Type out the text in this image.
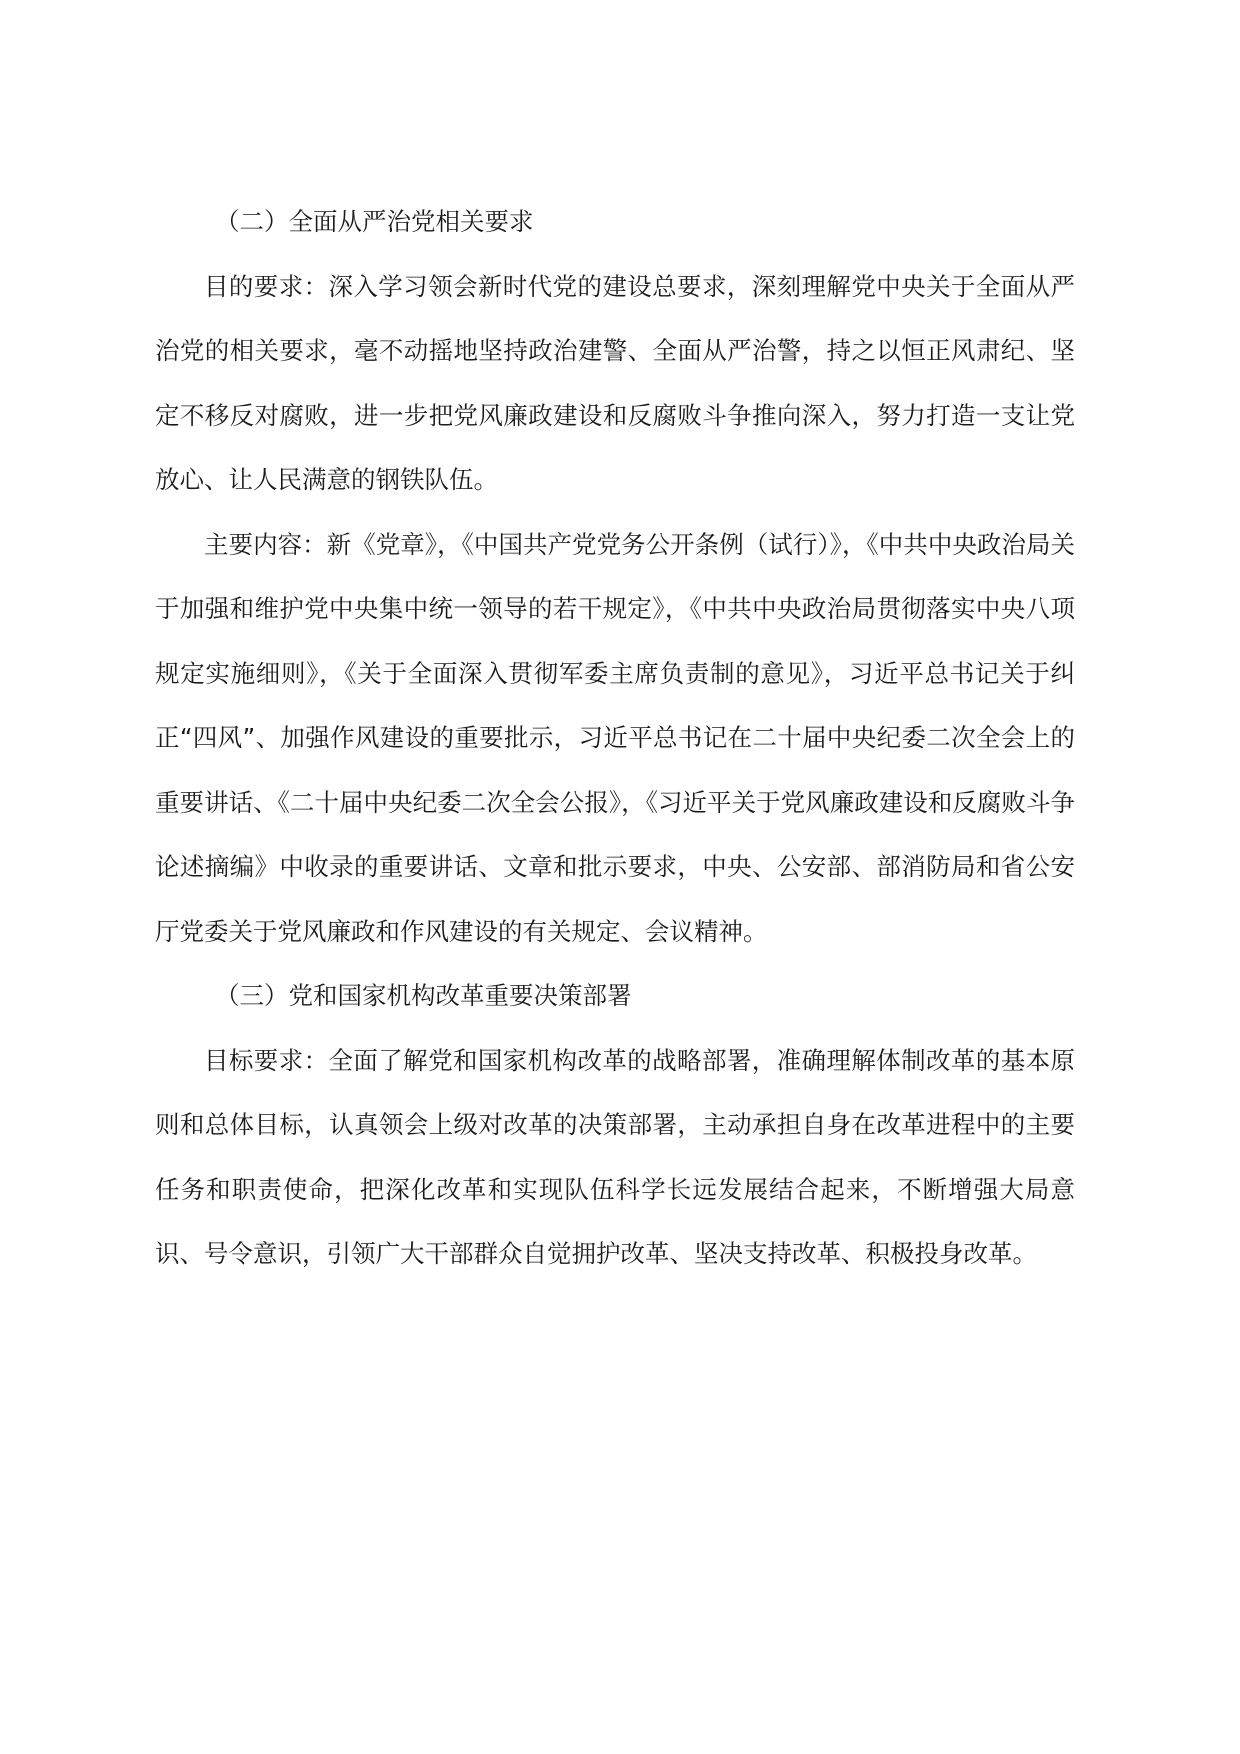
（二）全面从严治党相关要求

目的要求：深入学习领会新时代党的建设总要求，深刻理解党中央关于全面从严治党的相关要求，毫不动摇地坚持政治建警、全面从严治警，持之以恒正风肃纪、坚定不移反对腐败，进一步把党风廉政建设和反腐败斗争推向深入，努力打造一支让党放心、让人民满意的钢铁队伍。

主要内容：新《党章》，《中国共产党党务公开条例（试行）》，《中共中央政治局关于加强和维护党中央集中统一领导的若干规定》，《中共中央政治局贯彻落实中央八项规定实施细则》，《关于全面深入贯彻军委主席负责制的意见》，习近平总书记关于纠正“四风”、加强作风建设的重要批示，习近平总书记在二十届中央纪委二次全会上的重要讲话、《二十届中央纪委二次全会公报》，《习近平关于党风廉政建设和反腐败斗争论述摘编》中收录的重要讲话、文章和批示要求，中央、公安部、部消防局和省公安厅党委关于党风廉政和作风建设的有关规定、会议精神。

（三）党和国家机构改革重要决策部署

目标要求：全面了解党和国家机构改革的战略部署，准确理解体制改革的基本原则和总体目标，认真领会上级对改革的决策部署，主动承担自身在改革进程中的主要任务和职责使命，把深化改革和实现队伍科学长远发展结合起来，不断增强大局意识、号令意识，引领广大干部群众自觉拥护改革、坚决支持改革、积极投身改革。
